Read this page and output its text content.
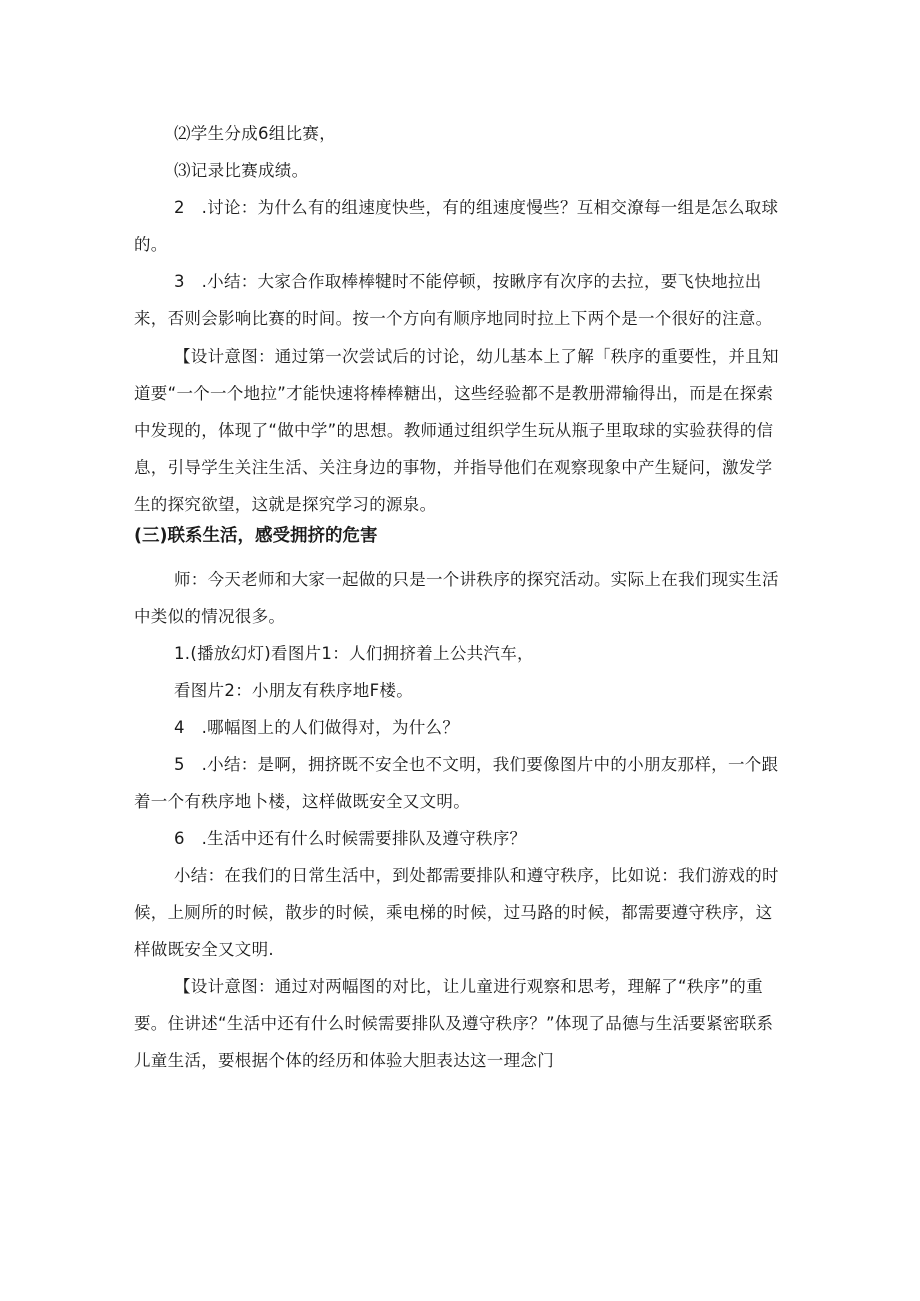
⑵学生分成6组比赛，

⑶记录比赛成绩。

2　.讨论：为什么有的组速度快些，有的组速度慢些？互相交潦每一组是怎么取球的。

3　.小结：大家合作取棒棒犍时不能停顿，按瞅序有次序的去拉，要飞快地拉出来，否则会影响比赛的时间。按一个方向有顺序地同时拉上下两个是一个很好的注意。

【设计意图：通过第一次尝试后的讨论，幼儿基本上了解「秩序的重要性，并且知道要“一个一个地拉”才能快速将棒棒糖出，这些经验都不是教册滞输得出，而是在探索中发现的，体现了“做中学”的思想。教师通过组织学生玩从瓶子里取球的实验获得的信息，引导学生关注生活、关注身边的事物，并指导他们在观察现象中产生疑问，激发学生的探究欲望，这就是探究学习的源泉。

(三)联系生活，感受拥挤的危害

师：今天老师和大家一起做的只是一个讲秩序的探究活动。实际上在我们现实生活中类似的情况很多。

1.(播放幻灯)看图片1：人们拥挤着上公共汽车，

看图片2：小朋友有秩序地F楼。

4　.哪幅图上的人们做得对，为什么？

5　.小结：是啊，拥挤既不安全也不文明，我们要像图片中的小朋友那样，一个跟着一个有秩序地卜楼，这样做既安全又文明。

6　.生活中还有什么时候需要排队及遵守秩序？

小结：在我们的日常生活中，到处都需要排队和遵守秩序，比如说：我们游戏的时候，上厕所的时候，散步的时候，乘电梯的时候，过马路的时候，都需要遵守秩序，这样做既安全又文明.

【设计意图：通过对两幅图的对比，让儿童进行观察和思考，理解了“秩序”的重要。住讲述“生活中还有什么时候需要排队及遵守秩序？”体现了品德与生活要紧密联系儿童生活，要根据个体的经历和体验大胆表达这一理念门
